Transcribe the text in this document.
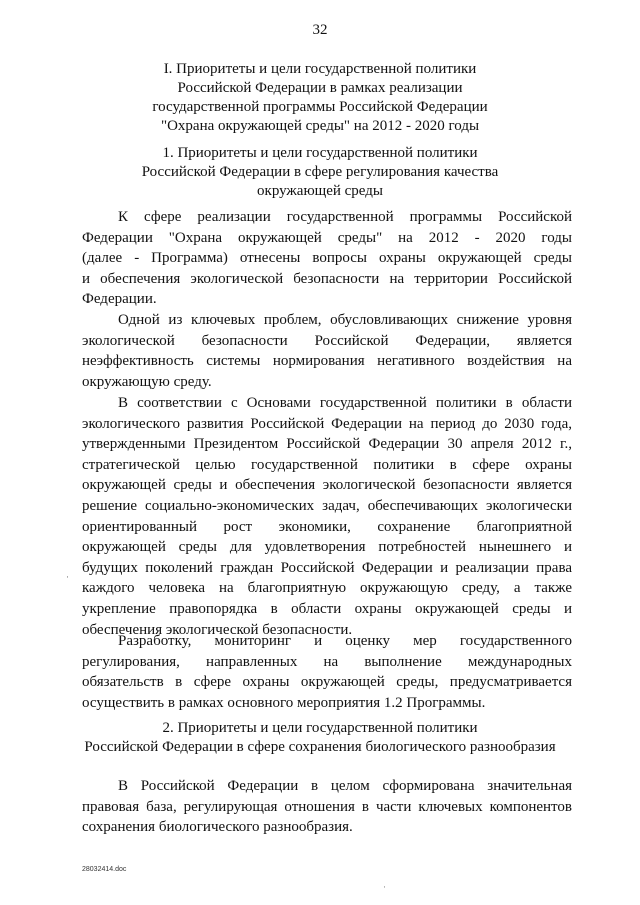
32
I. Приоритеты и цели государственной политики
Российской Федерации в рамках реализации
государственной программы Российской Федерации
"Охрана окружающей среды" на 2012 - 2020 годы
1. Приоритеты и цели государственной политики
Российской Федерации в сфере регулирования качества
окружающей среды
К сфере реализации государственной программы Российской
Федерации "Охрана окружающей среды" на 2012 - 2020 годы
(далее - Программа) отнесены вопросы охраны окружающей среды
и обеспечения экологической безопасности на территории Российской
Федерации.
Одной из ключевых проблем, обусловливающих снижение уровня
экологической безопасности Российской Федерации, является
неэффективность системы нормирования негативного воздействия на
окружающую среду.
В соответствии с Основами государственной политики в области
экологического развития Российской Федерации на период до 2030 года,
утвержденными Президентом Российской Федерации 30 апреля 2012 г.,
стратегической целью государственной политики в сфере охраны
окружающей среды и обеспечения экологической безопасности является
решение социально-экономических задач, обеспечивающих экологически
ориентированный рост экономики, сохранение благоприятной
окружающей среды для удовлетворения потребностей нынешнего и
будущих поколений граждан Российской Федерации и реализации права
каждого человека на благоприятную окружающую среду, а также
укрепление правопорядка в области охраны окружающей среды и
обеспечения экологической безопасности.
Разработку, мониторинг и оценку мер государственного
регулирования, направленных на выполнение международных
обязательств в сфере охраны окружающей среды, предусматривается
осуществить в рамках основного мероприятия 1.2 Программы.
2. Приоритеты и цели государственной политики
Российской Федерации в сфере сохранения биологического разнообразия
В Российской Федерации в целом сформирована значительная
правовая база, регулирующая отношения в части ключевых компонентов
сохранения биологического разнообразия.
28032414.doc
·
·
